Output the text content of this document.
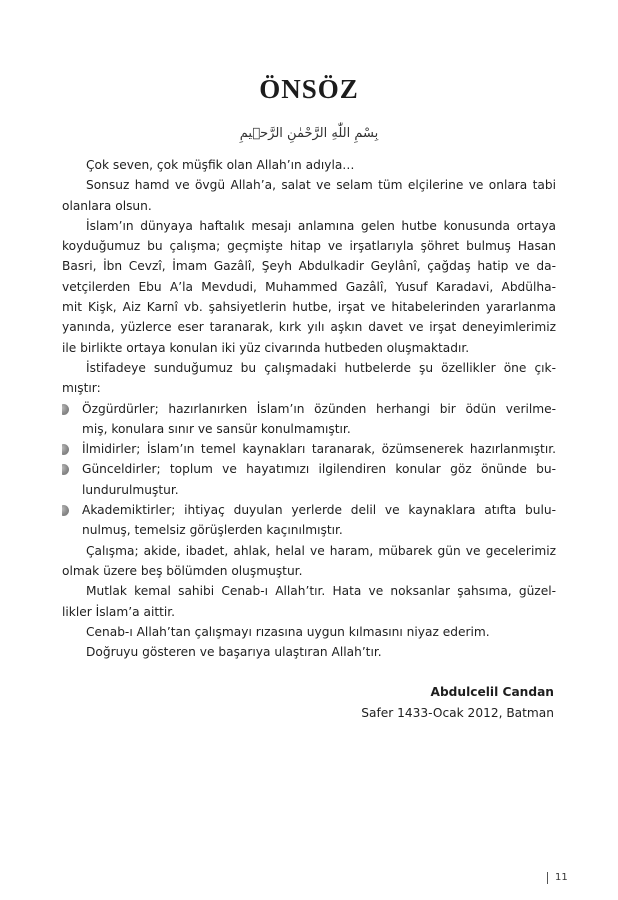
ÖNSÖZ
بِسْمِ اللّٰهِ الرَّحْمٰنِ الرَّح۪يمِ
Çok seven, çok müşfik olan Allah’ın adıyla…
Sonsuz hamd ve övgü Allah’a, salat ve selam tüm elçilerine ve onlara tabi
olanlara olsun.
İslam’ın dünyaya haftalık mesajı anlamına gelen hutbe konusunda ortaya
koyduğumuz bu çalışma; geçmişte hitap ve irşatlarıyla şöhret bulmuş Hasan
Basri, İbn Cevzî, İmam Gazâlî, Şeyh Abdulkadir Geylânî, çağdaş hatip ve da-
vetçilerden Ebu A’la Mevdudi, Muhammed Gazâlî, Yusuf Karadavi, Abdülha-
mit Kişk, Aiz Karnî vb. şahsiyetlerin hutbe, irşat ve hitabelerinden yararlanma
yanında, yüzlerce eser taranarak, kırk yılı aşkın davet ve irşat deneyimlerimiz
ile birlikte ortaya konulan iki yüz civarında hutbeden oluşmaktadır.
İstifadeye sunduğumuz bu çalışmadaki hutbelerde şu özellikler öne çık-
mıştır:
Özgürdürler; hazırlanırken İslam’ın özünden herhangi bir ödün verilme-
miş, konulara sınır ve sansür konulmamıştır.
İlmidirler; İslam’ın temel kaynakları taranarak, özümsenerek hazırlanmıştır.
Günceldirler; toplum ve hayatımızı ilgilendiren konular göz önünde bu-
lundurulmuştur.
Akademiktirler; ihtiyaç duyulan yerlerde delil ve kaynaklara atıfta bulu-
nulmuş, temelsiz görüşlerden kaçınılmıştır.
Çalışma; akide, ibadet, ahlak, helal ve haram, mübarek gün ve gecelerimiz
olmak üzere beş bölümden oluşmuştur.
Mutlak kemal sahibi Cenab-ı Allah’tır. Hata ve noksanlar şahsıma, güzel-
likler İslam’a aittir.
Cenab-ı Allah’tan çalışmayı rızasına uygun kılmasını niyaz ederim.
Doğruyu gösteren ve başarıya ulaştıran Allah’tır.
Abdulcelil Candan
Safer 1433-Ocak 2012, Batman
11
